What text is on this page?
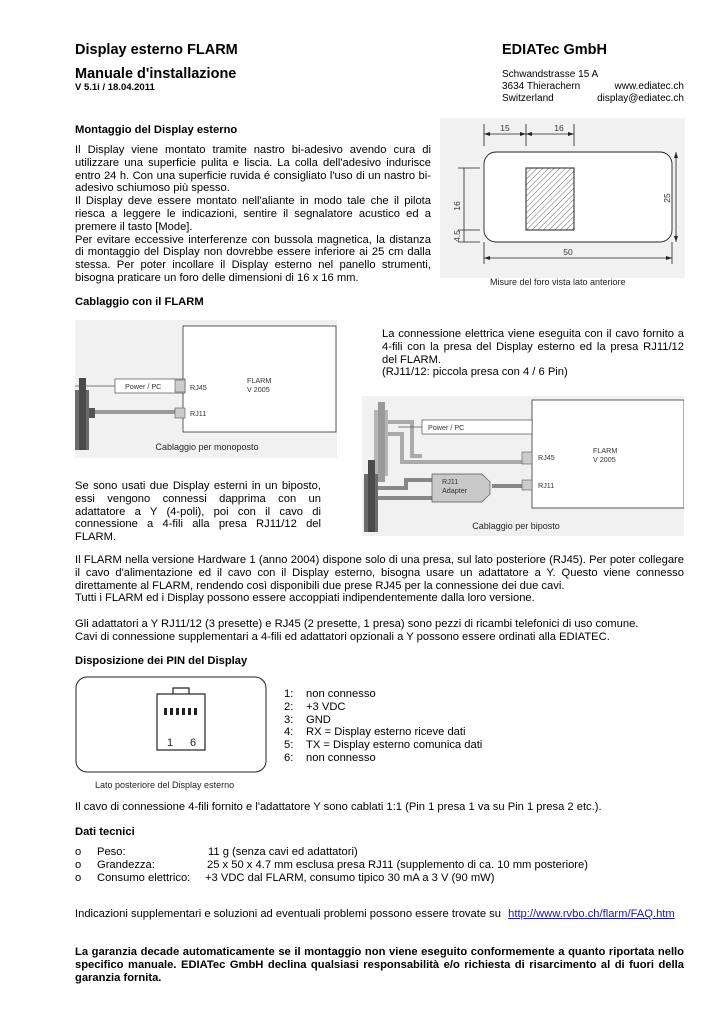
Display esterno FLARM
Manuale d'installazione
V 5.1i / 18.04.2011
EDIATec GmbH
Schwandstrasse 15 A
3634 Thierachern
Switzerland
www.ediatec.ch
display@ediatec.ch
Montaggio del Display esterno

Il Display viene montato tramite nastro bi-adesivo avendo cura di utilizzare una superficie pulita e liscia. La colla dell'adesivo indurisce entro 24 h. Con una superficie ruvida é consigliato l'uso di un nastro bi-adesivo schiumoso più spesso.

Il Display deve essere montato nell'aliante in modo tale che il pilota riesca a leggere le indicazioni, sentire il segnalatore acustico ed a premere il tasto [Mode].

Per evitare eccessive interferenze con bussola magnetica, la distanza di montaggio del Display non dovrebbe essere inferiore ai 25 cm dalla stessa. Per poter incollare il Display esterno nel panello strumenti, bisogna praticare un foro delle dimensioni di 16 x 16 mm.

15	16
16
4.5
25
50
Misure del foro vista lato anteriore
Cablaggio con il FLARM
Power / PC	RJ45
RJ11
FLARM
V 2005
Cablaggio per monoposto

La connessione elettrica viene eseguita con il cavo fornito a 4-fili con la presa del Display esterno ed la presa RJ11/12 del FLARM.

(RJ11/12: piccola presa con 4 / 6 Pin)

Se sono usati due Display esterni in un biposto, essi vengono connessi dapprima con un adattatore a Y (4-poli), poi con il cavo di connessione a 4-fili alla presa RJ11/12 del FLARM.

Power / PC
RJ45
RJ11
RJ11
Adapter
FLARM
V 2005
Cablaggio per biposto

Il FLARM nella versione Hardware 1 (anno 2004) dispone solo di una presa, sul lato posteriore (RJ45). Per poter collegare il cavo d'alimentazione ed il cavo con il Display esterno, bisogna usare un adattatore a Y. Questo viene connesso direttamente al FLARM, rendendo così disponibili due prese RJ45 per la connessione dei due cavi.

Tutti i FLARM ed i Display possono essere accoppiati indipendentemente dalla loro versione.

Gli adattatori a Y RJ11/12 (3 presette) e RJ45 (2 presette, 1 presa) sono pezzi di ricambi telefonici di uso comune.

Cavi di connessione supplementari a 4-fili ed adattatori opzionali a Y possono essere ordinati alla EDIATEC.

Disposizione dei PIN del Display
1 6
Lato posteriore del Display esterno
1: non connesso
2: +3 VDC
3: GND
4: RX = Display esterno riceve dati
5: TX = Display esterno comunica dati
6: non connesso
Il cavo di connessione 4-fili fornito e l'adattatore Y sono cablati 1:1 (Pin 1 presa 1 va su Pin 1 presa 2 etc.).
Dati tecnici
o Peso:	11 g (senza cavi ed adattatori)
o Grandezza:	25 x 50 x 4.7 mm esclusa presa RJ11 (supplemento di ca. 10 mm posteriore)
o Consumo elettrico: +3 VDC dal FLARM, consumo tipico 30 mA a 3 V (90 mW)
Indicazioni supplementari e soluzioni ad eventuali problemi possono essere trovate su http://www.rvbo.ch/flarm/FAQ.htm
La garanzia decade automaticamente se il montaggio non viene eseguito conformemente a quanto riportata nello specifico manuale. EDIATec GmbH declina qualsiasi responsabilità e/o richiesta di risarcimento al di fuori della garanzia fornita.
